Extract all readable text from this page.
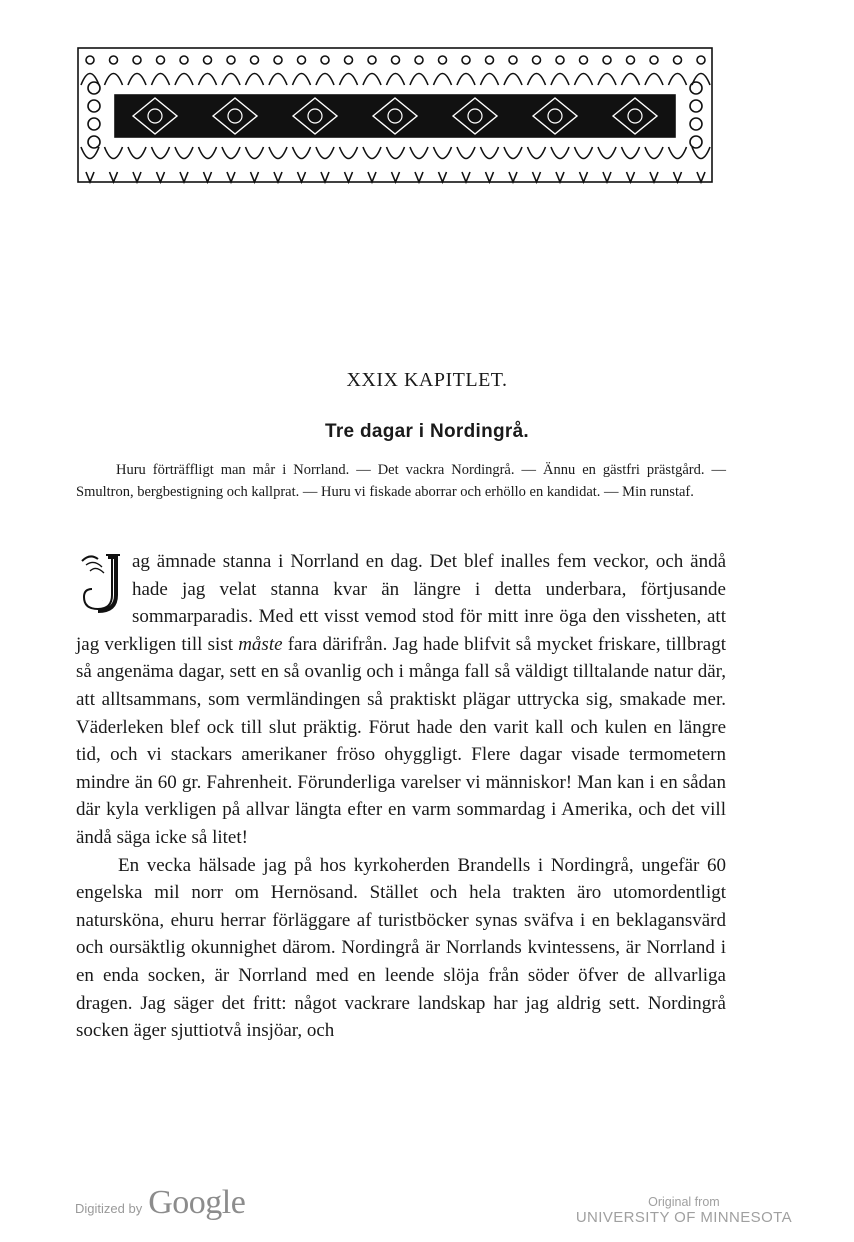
XXIX KAPITLET.
Tre dagar i Nordingrå.

Huru förträffligt man mår i Norrland. — Det vackra Nordingrå. — Ännu en gästfri prästgård. — Smultron, bergbestigning och kallprat. — Huru vi fiskade aborrar och erhöllo en kandidat. — Min runstaf.

J
ag ämnade stanna i Norrland en dag. Det blef inalles fem veckor, och ändå hade jag velat stanna kvar än längre i detta underbara, förtjusande sommarparadis. Med ett visst vemod stod för mitt inre öga den vissheten, att jag verkligen till sist måste fara därifrån. Jag hade blifvit så mycket friskare, tillbragt så angenäma dagar, sett en så ovanlig och i många fall så väldigt tilltalande natur där, att alltsammans, som vermländingen så praktiskt plägar uttrycka sig, smakade mer. Väderleken blef ock till slut präktig. Förut hade den varit kall och kulen en längre tid, och vi stackars amerikaner fröso ohyggligt. Flere dagar visade termometern mindre än 60 gr. Fahrenheit. Förunderliga varelser vi människor! Man kan i en sådan där kyla verkligen på allvar längta efter en varm sommardag i Amerika, och det vill ändå säga icke så litet!

En vecka hälsade jag på hos kyrkoherden Brandells i Nordingrå, ungefär 60 engelska mil norr om Hernösand. Stället och hela trakten äro utomordentligt natursköna, ehuru herrar förläggare af turistböcker synas sväfva i en beklagansvärd och oursäktlig okunnighet därom. Nordingrå är Norrlands kvintessens, är Norrland i en enda socken, är Norrland med en leende slöja från söder öfver de allvarliga dragen. Jag säger det fritt: något vackrare landskap har jag aldrig sett. Nordingrå socken äger sjuttiotvå insjöar, och

Digitized by Google	Original from
UNIVERSITY OF MINNESOTA
